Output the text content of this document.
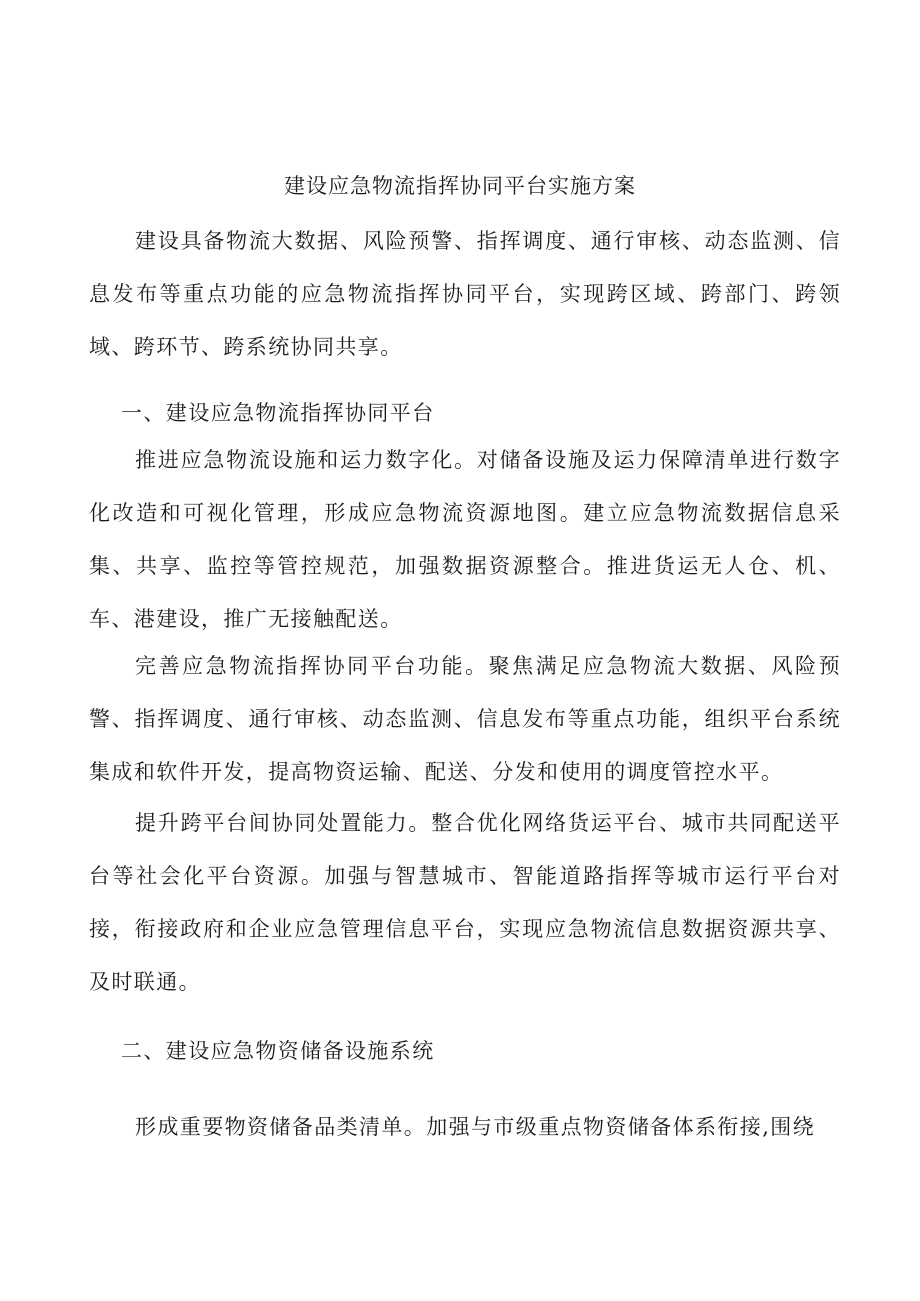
建设应急物流指挥协同平台实施方案

建设具备物流大数据、风险预警、指挥调度、通行审核、动态监测、信息发布等重点功能的应急物流指挥协同平台，实现跨区域、跨部门、跨领域、跨环节、跨系统协同共享。

一、建设应急物流指挥协同平台

推进应急物流设施和运力数字化。对储备设施及运力保障清单进行数字化改造和可视化管理，形成应急物流资源地图。建立应急物流数据信息采集、共享、监控等管控规范，加强数据资源整合。推进货运无人仓、机、车、港建设，推广无接触配送。

完善应急物流指挥协同平台功能。聚焦满足应急物流大数据、风险预警、指挥调度、通行审核、动态监测、信息发布等重点功能，组织平台系统集成和软件开发，提高物资运输、配送、分发和使用的调度管控水平。

提升跨平台间协同处置能力。整合优化网络货运平台、城市共同配送平台等社会化平台资源。加强与智慧城市、智能道路指挥等城市运行平台对接，衔接政府和企业应急管理信息平台，实现应急物流信息数据资源共享、及时联通。

二、建设应急物资储备设施系统

形成重要物资储备品类清单。加强与市级重点物资储备体系衔接,围绕
